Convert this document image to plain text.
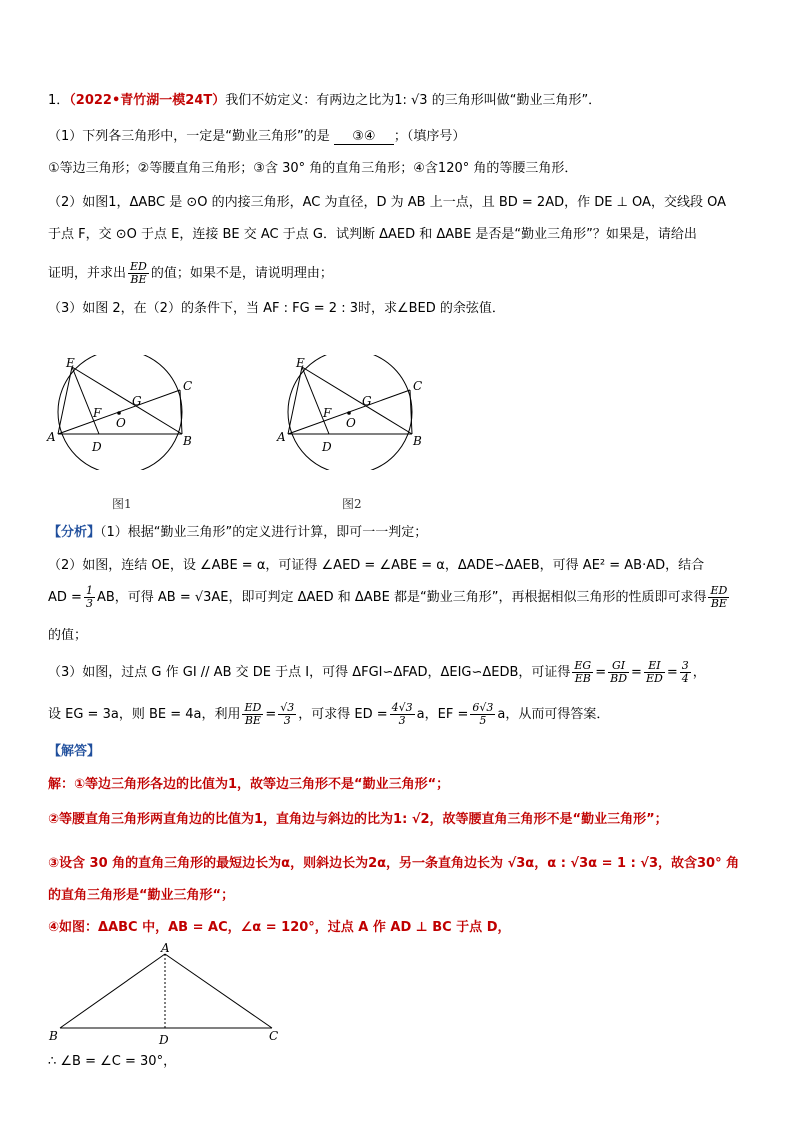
1．（2022•青竹湖一模24T）我们不妨定义：有两边之比为1: √3 的三角形叫做“勤业三角形”．
（1）下列各三角形中，一定是“勤业三角形”的是 ③④ ；（填序号）
①等边三角形；②等腰直角三角形；③含 30° 角的直角三角形；④含120° 角的等腰三角形．
（2）如图1，ΔABC 是 ⊙O 的内接三角形，AC 为直径，D 为 AB 上一点，且 BD = 2AD，作 DE ⊥ OA，交线段 OA
于点 F，交 ⊙O 于点 E，连接 BE 交 AC 于点 G．试判断 ΔAED 和 ΔABE 是否是“勤业三角形”？如果是，请给出
证明，并求出 $\frac{ED}{BE}$ 的值；如果不是，请说明理由；
（3）如图 2，在（2）的条件下，当 AF : FG = 2 : 3时，求∠BED 的余弦值．
E
C
G
F
O
A	B
D
图1
E
C
G
F
O
A	B
D
图2
【分析】（1）根据“勤业三角形”的定义进行计算，即可一一判定；
（2）如图，连结 OE，设 ∠ABE = α，可证得 ∠AED = ∠ABE = α，ΔADE∽ΔAEB，可得 AE² = AB·AD，结合
AD = $\frac{1}{3}$ AB，可得 AB = √3AE，即可判定 ΔAED 和 ΔABE 都是“勤业三角形”，再根据相似三角形的性质即可求得 $\frac{ED}{BE}$
的值；
（3）如图，过点 G 作 GI // AB 交 DE 于点 I，可得 ΔFGI∽ΔFAD，ΔEIG∽ΔEDB，可证得 $\frac{EG}{EB} = \frac{GI}{BD} = \frac{EI}{ED} = \frac{3}{4}$ ，
设 EG = 3a，则 BE = 4a，利用 $\frac{ED}{BE} = \frac{√3}{3}$ ，可求得 ED = $\frac{4√3}{3}$ a，EF = $\frac{6√3}{5}$ a，从而可得答案．
【解答】
解：①等边三角形各边的比值为1，故等边三角形不是“勤业三角形“；
②等腰直角三角形两直角边的比值为1，直角边与斜边的比为1: √2，故等腰直角三角形不是“勤业三角形”；
③设含 30 角的直角三角形的最短边长为α，则斜边长为2α，另一条直角边长为 √3α，α : √3α = 1 : √3，故含30° 角
的直角三角形是“勤业三角形“；
④如图：ΔABC 中，AB = AC，∠α = 120°，过点 A 作 AD ⊥ BC 于点 D，
A
B	C
D
∴ ∠B = ∠C = 30°，
